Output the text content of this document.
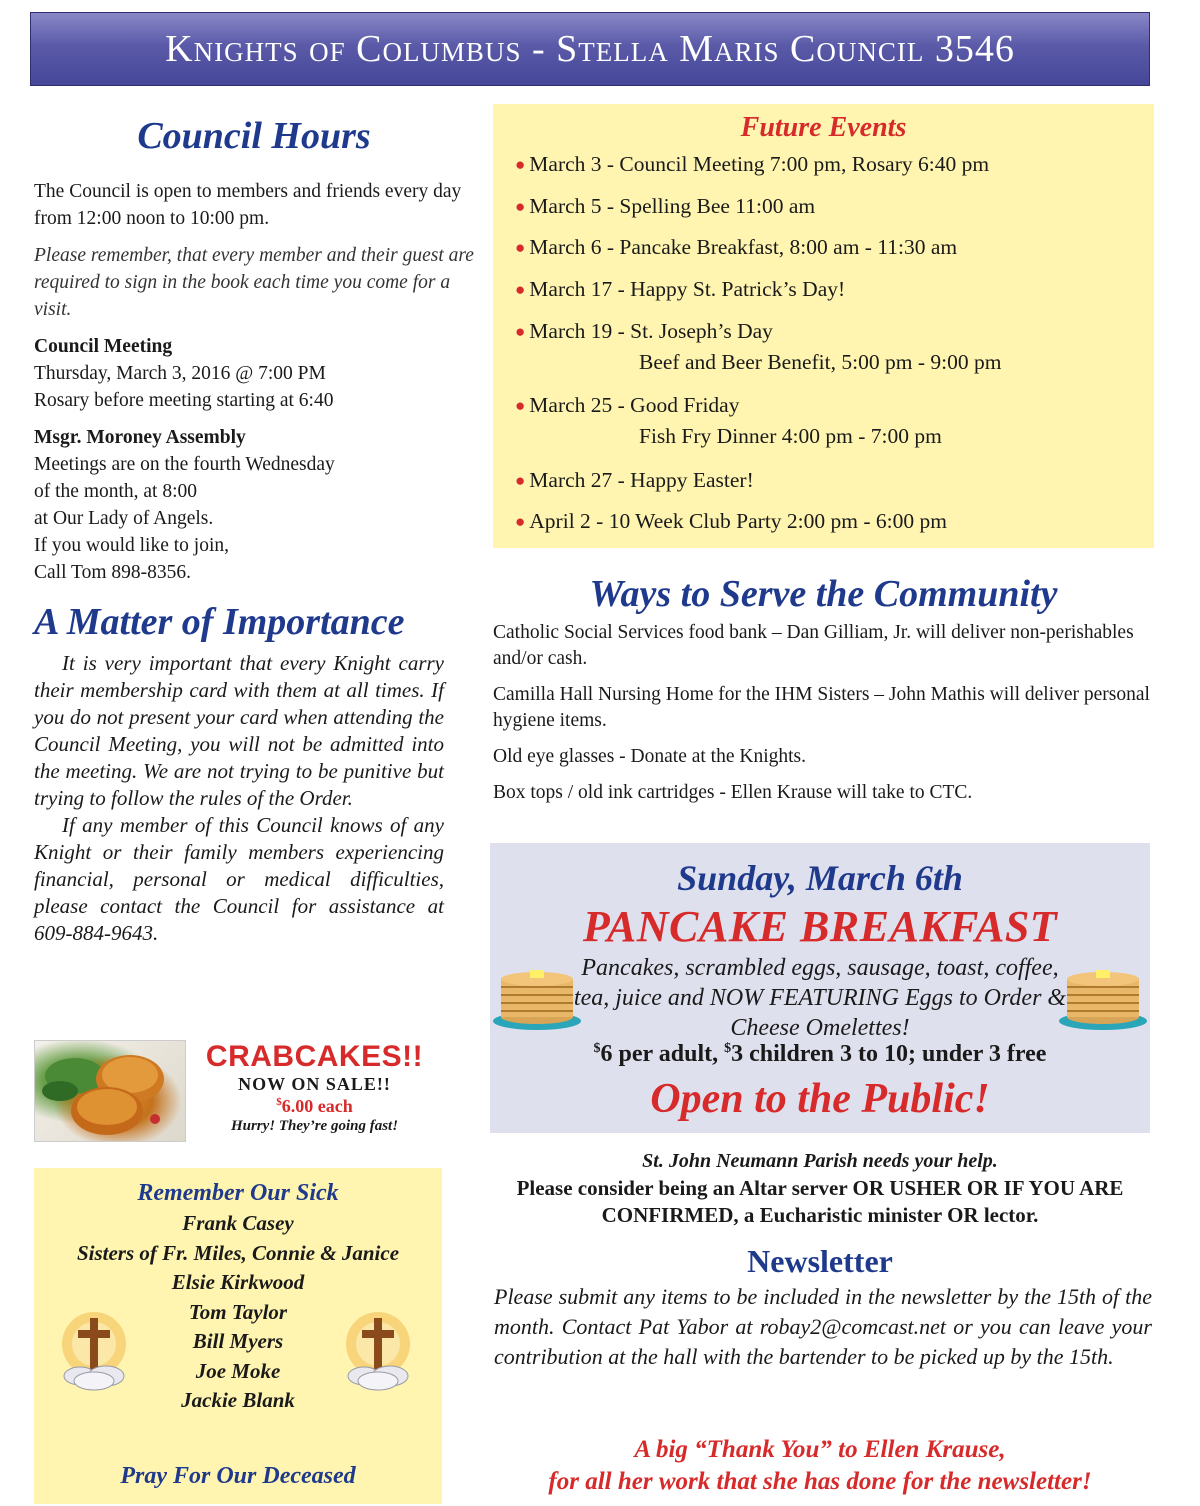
Knights of Columbus - Stella Maris Council 3546
Council Hours

The Council is open to members and friends every day from 12:00 noon to 10:00 pm.

Please remember, that every member and their guest are required to sign in the book each time you come for a visit.

Council Meeting

Thursday, March 3, 2016 @ 7:00 PM

Rosary before meeting starting at 6:40

Msgr. Moroney Assembly

Meetings are on the fourth Wednesday

of the month, at 8:00

at Our Lady of Angels.

If you would like to join,

Call Tom 898-8356.

A Matter of Importance
It is very important that every Knight carry their membership card with them at all times. If you do not present your card when attending the Council Meeting, you will not be admitted into the meeting. We are not trying to be punitive but trying to follow the rules of the Order.
If any member of this Council knows of any Knight or their family members experiencing financial, personal or medical difficulties, please contact the Council for assistance at 609-884-9643.
CRABCAKES!!
NOW ON SALE!!
$6.00 each
Hurry! They’re going fast!
Remember Our Sick
Frank Casey
Sisters of Fr. Miles, Connie & Janice
Elsie Kirkwood
Tom Taylor
Bill Myers
Joe Moke
Jackie Blank
Pray For Our Deceased
Future Events
● March 3 - Council Meeting 7:00 pm, Rosary 6:40 pm
● March 5 - Spelling Bee 11:00 am
● March 6 - Pancake Breakfast, 8:00 am - 11:30 am
● March 17 - Happy St. Patrick’s Day!
● March 19 - St. Joseph’s Day
Beef and Beer Benefit, 5:00 pm - 9:00 pm
● March 25 - Good Friday
Fish Fry Dinner 4:00 pm - 7:00 pm
● March 27 - Happy Easter!
● April 2 - 10 Week Club Party 2:00 pm - 6:00 pm
Ways to Serve the Community

Catholic Social Services food bank – Dan Gilliam, Jr. will deliver non-perishables and/or cash.

Camilla Hall Nursing Home for the IHM Sisters – John Mathis will deliver personal hygiene items.

Old eye glasses - Donate at the Knights.

Box tops / old ink cartridges - Ellen Krause will take to CTC.

Sunday, March 6th
PANCAKE BREAKFAST
Pancakes, scrambled eggs, sausage, toast, coffee, tea, juice and NOW FEATURING Eggs to Order & Cheese Omelettes!
$6 per adult, $3 children 3 to 10; under 3 free
Open to the Public!
St. John Neumann Parish needs your help.
Please consider being an Altar server OR USHER OR IF YOU ARE CONFIRMED, a Eucharistic minister OR lector.
Newsletter
Please submit any items to be included in the newsletter by the 15th of the month. Contact Pat Yabor at robay2@comcast.net or you can leave your contribution at the hall with the bartender to be picked up by the 15th.
A big “Thank You” to Ellen Krause,
for all her work that she has done for the newsletter!
